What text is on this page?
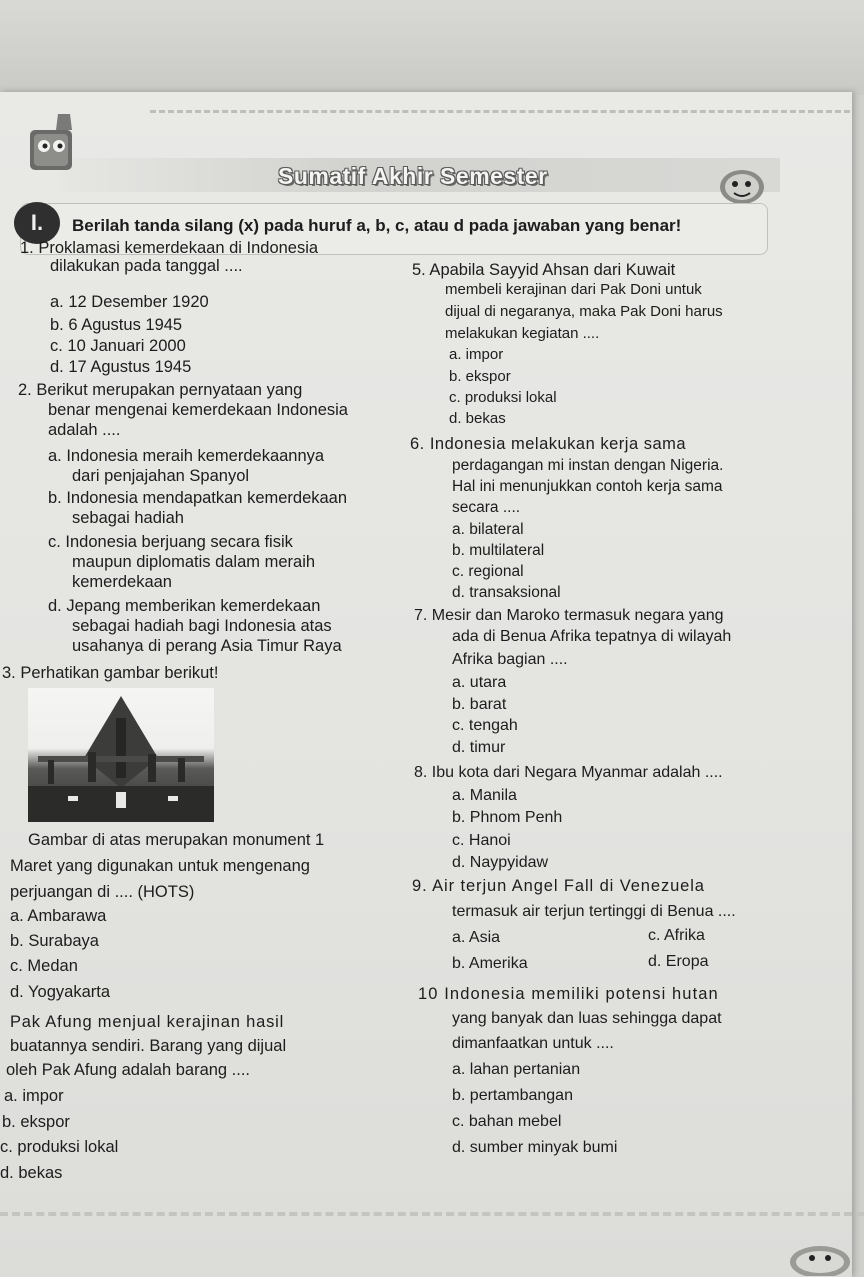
Sumatif Akhir Semester
I.	Berilah tanda silang (x) pada huruf a, b, c, atau d pada jawaban yang benar!
1. Proklamasi kemerdekaan di Indonesia
dilakukan pada tanggal ....
a. 12 Desember 1920
b. 6 Agustus 1945
c. 10 Januari 2000
d. 17 Agustus 1945
2. Berikut merupakan pernyataan yang
benar mengenai kemerdekaan Indonesia
adalah ....
a. Indonesia meraih kemerdekaannya
dari penjajahan Spanyol
b. Indonesia mendapatkan kemerdekaan
sebagai hadiah
c. Indonesia berjuang secara fisik
maupun diplomatis dalam meraih
kemerdekaan
d. Jepang memberikan kemerdekaan
sebagai hadiah bagi Indonesia atas
usahanya di perang Asia Timur Raya
3. Perhatikan gambar berikut!
Gambar di atas merupakan monument 1
Maret yang digunakan untuk mengenang
perjuangan di .... (HOTS)
a. Ambarawa
b. Surabaya
c. Medan
d. Yogyakarta
Pak Afung menjual kerajinan hasil
buatannya sendiri. Barang yang dijual
oleh Pak Afung adalah barang ....
a. impor
b. ekspor
c. produksi lokal
d. bekas
5. Apabila Sayyid Ahsan dari Kuwait
membeli kerajinan dari Pak Doni untuk
dijual di negaranya, maka Pak Doni harus
melakukan kegiatan ....
a. impor
b. ekspor
c. produksi lokal
d. bekas
6. Indonesia melakukan kerja sama
perdagangan mi instan dengan Nigeria.
Hal ini menunjukkan contoh kerja sama
secara ....
a. bilateral
b. multilateral
c. regional
d. transaksional
7. Mesir dan Maroko termasuk negara yang
ada di Benua Afrika tepatnya di wilayah
Afrika bagian ....
a. utara
b. barat
c. tengah
d. timur
8. Ibu kota dari Negara Myanmar adalah ....
a. Manila
b. Phnom Penh
c. Hanoi
d. Naypyidaw
9. Air terjun Angel Fall di Venezuela
termasuk air terjun tertinggi di Benua ....
a. Asia	c. Afrika
b. Amerika	d. Eropa
10 Indonesia memiliki potensi hutan
yang banyak dan luas sehingga dapat
dimanfaatkan untuk ....
a. lahan pertanian
b. pertambangan
c. bahan mebel
d. sumber minyak bumi
